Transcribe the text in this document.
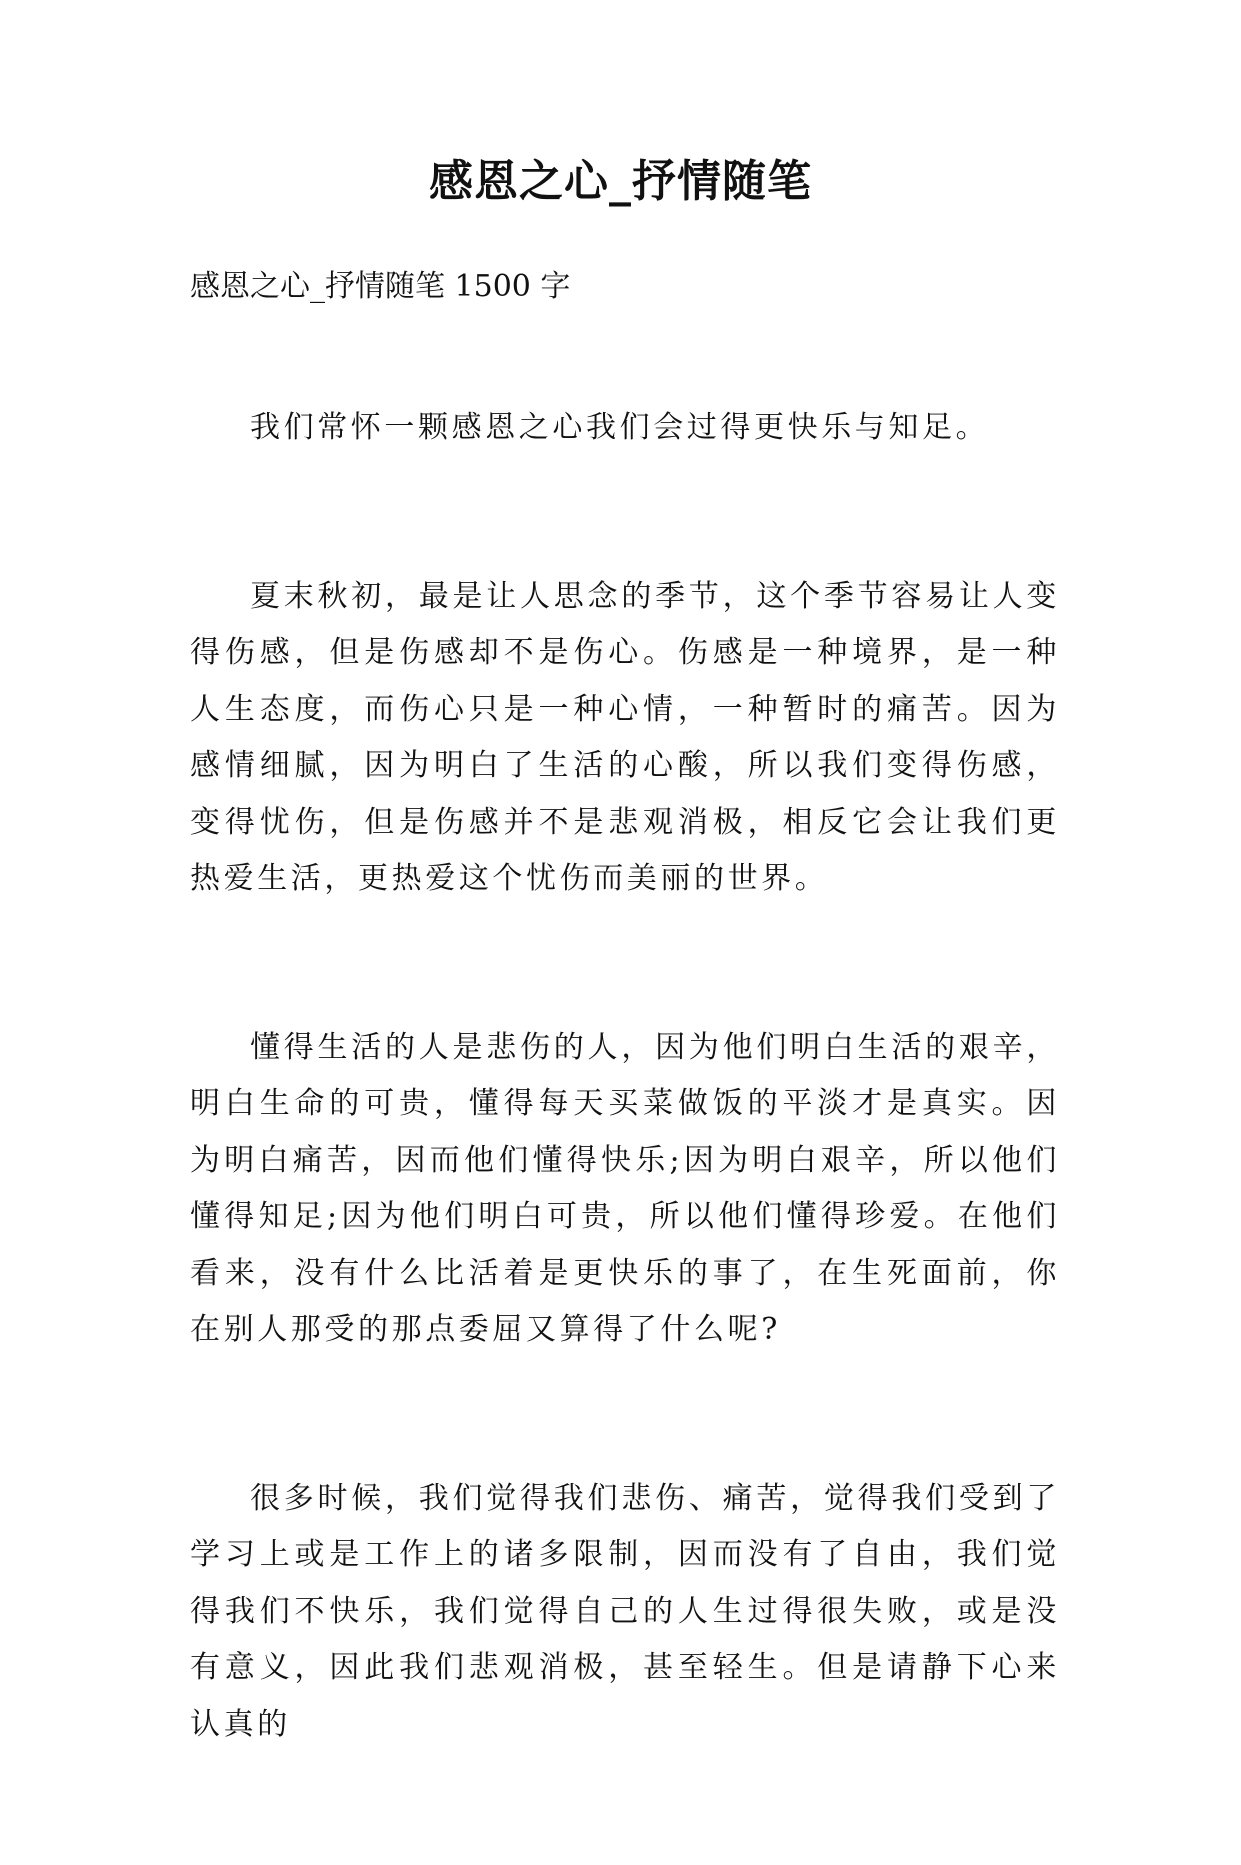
感恩之心_抒情随笔

感恩之心_抒情随笔 1500 字

我们常怀一颗感恩之心我们会过得更快乐与知足。

夏末秋初，最是让人思念的季节，这个季节容易让人变得伤感，但是伤感却不是伤心。伤感是一种境界，是一种人生态度，而伤心只是一种心情，一种暂时的痛苦。因为感情细腻，因为明白了生活的心酸，所以我们变得伤感，变得忧伤，但是伤感并不是悲观消极，相反它会让我们更热爱生活，更热爱这个忧伤而美丽的世界。

懂得生活的人是悲伤的人，因为他们明白生活的艰辛，明白生命的可贵，懂得每天买菜做饭的平淡才是真实。因为明白痛苦，因而他们懂得快乐;因为明白艰辛，所以他们懂得知足;因为他们明白可贵，所以他们懂得珍爱。在他们看来，没有什么比活着是更快乐的事了，在生死面前，你在别人那受的那点委屈又算得了什么呢?

很多时候，我们觉得我们悲伤、痛苦，觉得我们受到了学习上或是工作上的诸多限制，因而没有了自由，我们觉得我们不快乐，我们觉得自己的人生过得很失败，或是没有意义，因此我们悲观消极，甚至轻生。但是请静下心来认真的
